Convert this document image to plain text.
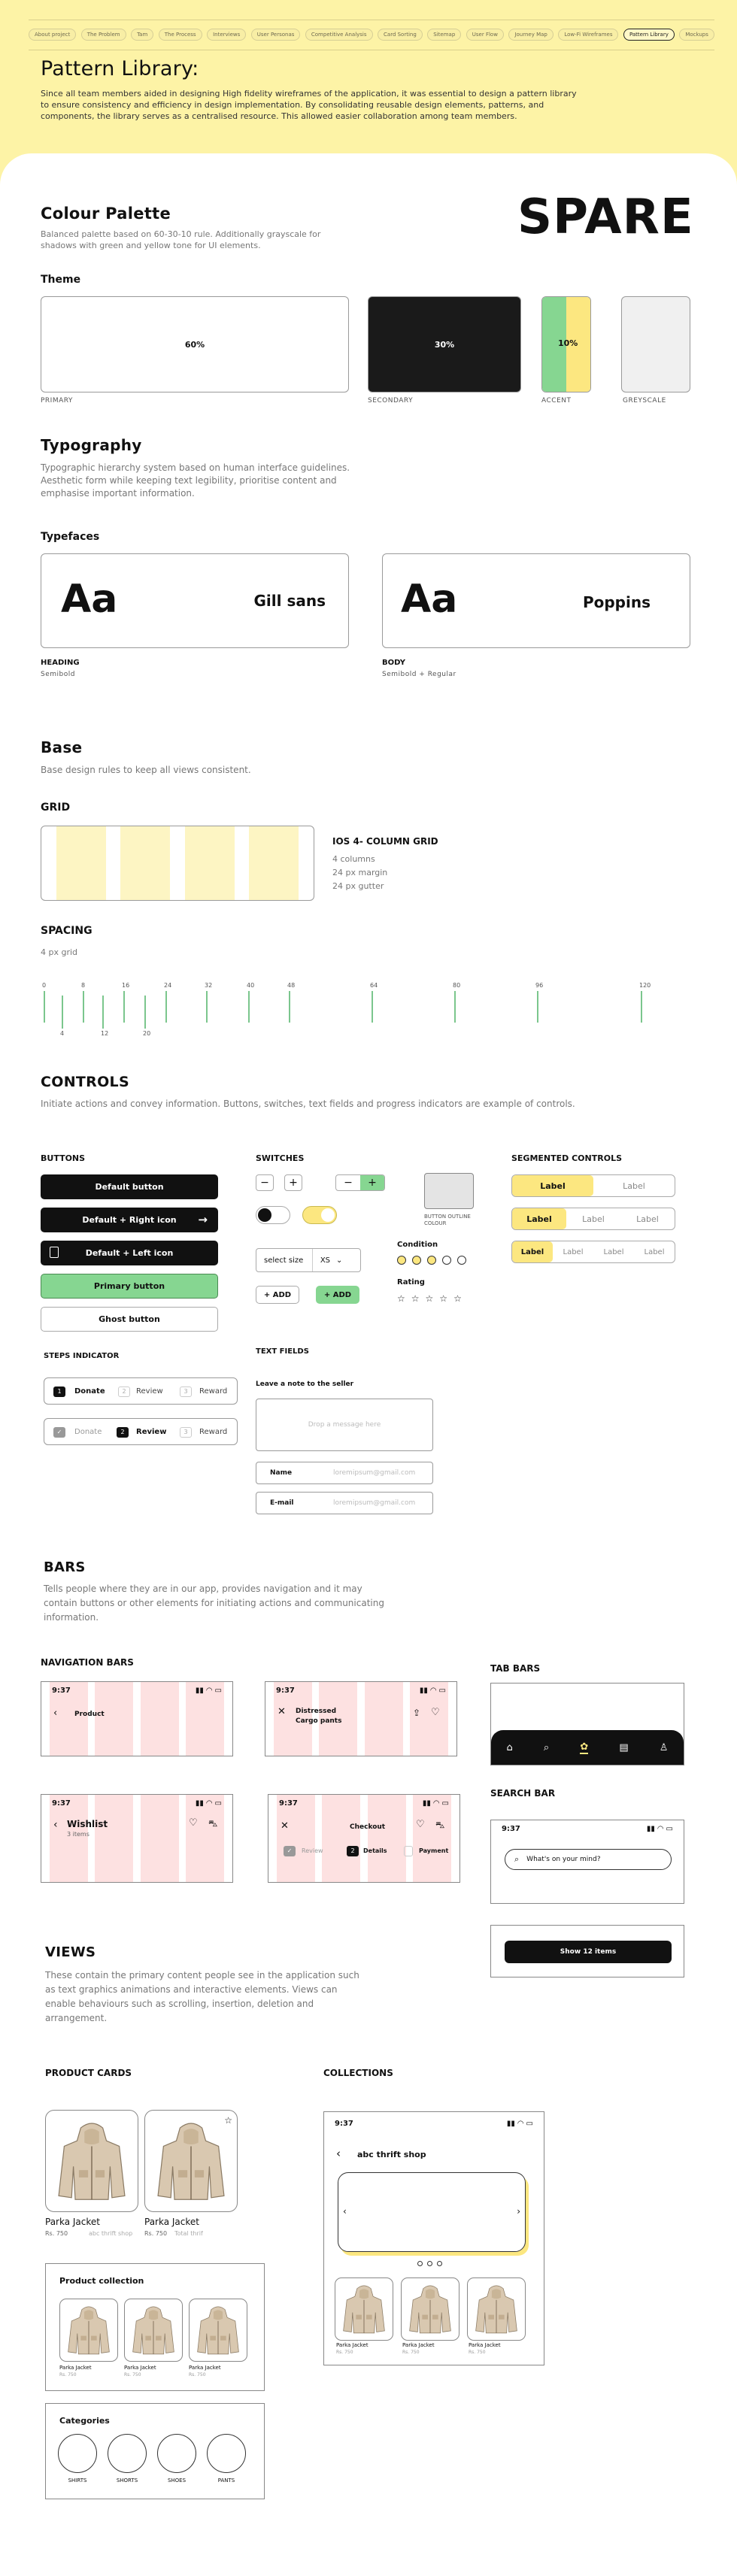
About project	The Problem	Tam	The Process	Interviews	User Personas	Competitive Analysis	Card Sorting	Sitemap	User Flow	Journey Map	Low-Fi Wireframes	Pattern Library	Mockups
Pattern Library:
Since all team members aided in designing High fidelity wireframes of the application, it was essential to design a pattern library to ensure consistency and efficiency in design implementation. By consolidating reusable design elements, patterns, and components, the library serves as a centralised resource. This allowed easier collaboration among team members.
Colour Palette
Balanced palette based on 60-30-10 rule. Additionally grayscale for shadows with green and yellow tone for UI elements.
SPARE
Theme
60%	30%	10%
PRIMARY	SECONDARY	ACCENT	GREYSCALE
Typography
Typographic hierarchy system based on human interface guidelines. Aesthetic form while keeping text legibility, prioritise content and emphasise important information.
Typefaces
Aa	Gill sans Aa	Poppins
HEADING
Semibold
BODY
Semibold + Regular
Base
Base design rules to keep all views consistent.
GRID
IOS 4- COLUMN GRID
4 columns
24 px margin
24 px gutter
SPACING
4 px grid
0	8	16	24	32	40	48	64	80	96	120
4	12	20
CONTROLS
Initiate actions and convey information. Buttons, switches, text fields and progress indicators are example of controls.
BUTTONS
Default button
Default + Right icon →
Default + Left icon
Primary button
Ghost button
SWITCHES
−	+	−	+
BUTTON OUTLINE COLOUR
select size	XS ⌄
+ ADD	+ ADD
Condition
Rating
☆ ☆ ☆ ☆ ☆
SEGMENTED CONTROLS
Label	Label
Label	Label	Label
Label	Label	Label	Label
STEPS INDICATOR
1	Donate	2	Review	3	Reward
✓	Donate	2	Review	3	Reward
TEXT FIELDS
Leave a note to the seller
Drop a message here
Name	loremipsum@gmail.com
E-mail	loremipsum@gmail.com
BARS
Tells people where they are in our app, provides navigation and it may contain buttons or other elements for initiating actions and communicating information.
NAVIGATION BARS
TAB BARS
9:37	▮▮ ◠ ▭
‹	Product
9:37	▮▮ ◠ ▭
✕ Distressed
Cargo pants
⇪ ♡
9:37	▮▮ ◠ ▭
‹ Wishlist
3 items
♡ ⛍
9:37	▮▮ ◠ ▭
✕	Checkout	♡ ⛍
✓	Review	2	Details	Payment
⌂	⌕	✿	▤	♙
SEARCH BAR
9:37	▮▮ ◠ ▭
⌕ What's on your mind?
Show 12 items
VIEWS
These contain the primary content people see in the application such as text graphics animations and interactive elements. Views can enable behaviours such as scrolling, insertion, deletion and arrangement.
PRODUCT CARDS	COLLECTIONS
☆
Parka Jacket
Rs. 750	abc thrift shop
Parka Jacket
Rs. 750 Total thrif
Product collection
Parka Jacket
Rs. 750
Parka Jacket
Rs. 750
Parka Jacket
Rs. 750
Categories
SHIRTS	SHORTS	SHOES	PANTS
9:37	▮▮ ◠ ▭
‹ abc thrift shop
‹	›
Parka Jacket
Rs. 750
Parka Jacket
Rs. 750
Parka Jacket
Rs. 750
